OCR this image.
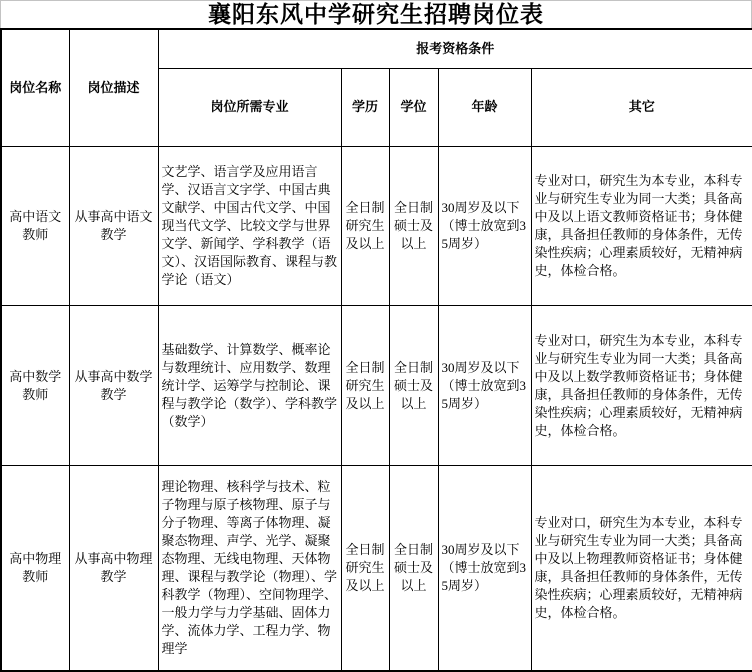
襄阳东风中学研究生招聘岗位表
岗位名称	岗位描述	报考资格条件				
		岗位所需专业	学历	学位	年龄	其它
高中语文教师	从事高中语文教学	文艺学、语言学及应用语言学、汉语言文字学、中国古典文献学、中国古代文学、中国现当代文学、比较文学与世界文学、新闻学、学科教学（语文）、汉语国际教育、课程与教学论（语文）	全日制研究生及以上	全日制硕士及以上	30周岁及以下（博士放宽到35周岁）	专业对口，研究生为本专业，本科专业与研究生专业为同一大类；具备高中及以上语文教师资格证书；身体健康，具备担任教师的身体条件，无传染性疾病；心理素质较好，无精神病史，体检合格。
高中数学教师	从事高中数学教学	基础数学、计算数学、概率论与数理统计、应用数学、数理统计学、运筹学与控制论、课程与教学论（数学）、学科教学（数学）	全日制研究生及以上	全日制硕士及以上	30周岁及以下（博士放宽到35周岁）	专业对口，研究生为本专业，本科专业与研究生专业为同一大类；具备高中及以上数学教师资格证书；身体健康，具备担任教师的身体条件，无传染性疾病；心理素质较好，无精神病史，体检合格。
高中物理教师	从事高中物理教学	理论物理、核科学与技术、粒子物理与原子核物理、原子与分子物理、等离子体物理、凝聚态物理、声学、光学、凝聚态物理、无线电物理、天体物理、课程与教学论（物理）、学科教学（物理）、空间物理学、一般力学与力学基础、固体力学、流体力学、工程力学、物理学	全日制研究生及以上	全日制硕士及以上	30周岁及以下（博士放宽到35周岁）	专业对口，研究生为本专业，本科专业与研究生专业为同一大类；具备高中及以上物理教师资格证书；身体健康，具备担任教师的身体条件，无传染性疾病；心理素质较好，无精神病史，体检合格。
